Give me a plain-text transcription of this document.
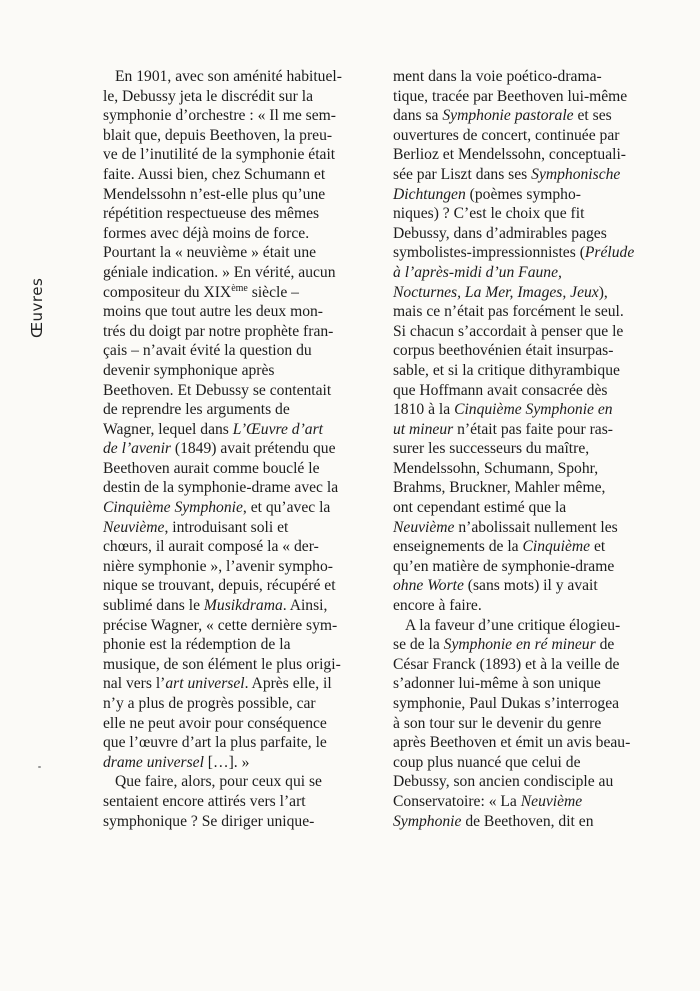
Œuvres
En 1901, avec son aménité habituel-
le, Debussy jeta le discrédit sur la
symphonie d’orchestre : « Il me sem-
blait que, depuis Beethoven, la preu-
ve de l’inutilité de la symphonie était
faite. Aussi bien, chez Schumann et
Mendelssohn n’est-elle plus qu’une
répétition respectueuse des mêmes
formes avec déjà moins de force.
Pourtant la « neuvième » était une
géniale indication. » En vérité, aucun
compositeur du XIXème siècle –
moins que tout autre les deux mon-
trés du doigt par notre prophète fran-
çais – n’avait évité la question du
devenir symphonique après
Beethoven. Et Debussy se contentait
de reprendre les arguments de
Wagner, lequel dans L’Œuvre d’art
de l’avenir (1849) avait prétendu que
Beethoven aurait comme bouclé le
destin de la symphonie-drame avec la
Cinquième Symphonie, et qu’avec la
Neuvième, introduisant soli et
chœurs, il aurait composé la « der-
nière symphonie », l’avenir sympho-
nique se trouvant, depuis, récupéré et
sublimé dans le Musikdrama. Ainsi,
précise Wagner, « cette dernière sym-
phonie est la rédemption de la
musique, de son élément le plus origi-
nal vers l’art universel. Après elle, il
n’y a plus de progrès possible, car
elle ne peut avoir pour conséquence
que l’œuvre d’art la plus parfaite, le
drame universel […]. »
Que faire, alors, pour ceux qui se
sentaient encore attirés vers l’art
symphonique ? Se diriger unique-
ment dans la voie poético-drama-
tique, tracée par Beethoven lui-même
dans sa Symphonie pastorale et ses
ouvertures de concert, continuée par
Berlioz et Mendelssohn, conceptuali-
sée par Liszt dans ses Symphonische
Dichtungen (poèmes sympho-
niques) ? C’est le choix que fit
Debussy, dans d’admirables pages
symbolistes-impressionnistes (Prélude
à l’après-midi d’un Faune,
Nocturnes, La Mer, Images, Jeux),
mais ce n’était pas forcément le seul.
Si chacun s’accordait à penser que le
corpus beethovénien était insurpas-
sable, et si la critique dithyrambique
que Hoffmann avait consacrée dès
1810 à la Cinquième Symphonie en
ut mineur n’était pas faite pour ras-
surer les successeurs du maître,
Mendelssohn, Schumann, Spohr,
Brahms, Bruckner, Mahler même,
ont cependant estimé que la
Neuvième n’abolissait nullement les
enseignements de la Cinquième et
qu’en matière de symphonie-drame
ohne Worte (sans mots) il y avait
encore à faire.
A la faveur d’une critique élogieu-
se de la Symphonie en ré mineur de
César Franck (1893) et à la veille de
s’adonner lui-même à son unique
symphonie, Paul Dukas s’interrogea
à son tour sur le devenir du genre
après Beethoven et émit un avis beau-
coup plus nuancé que celui de
Debussy, son ancien condisciple au
Conservatoire: « La Neuvième
Symphonie de Beethoven, dit en
